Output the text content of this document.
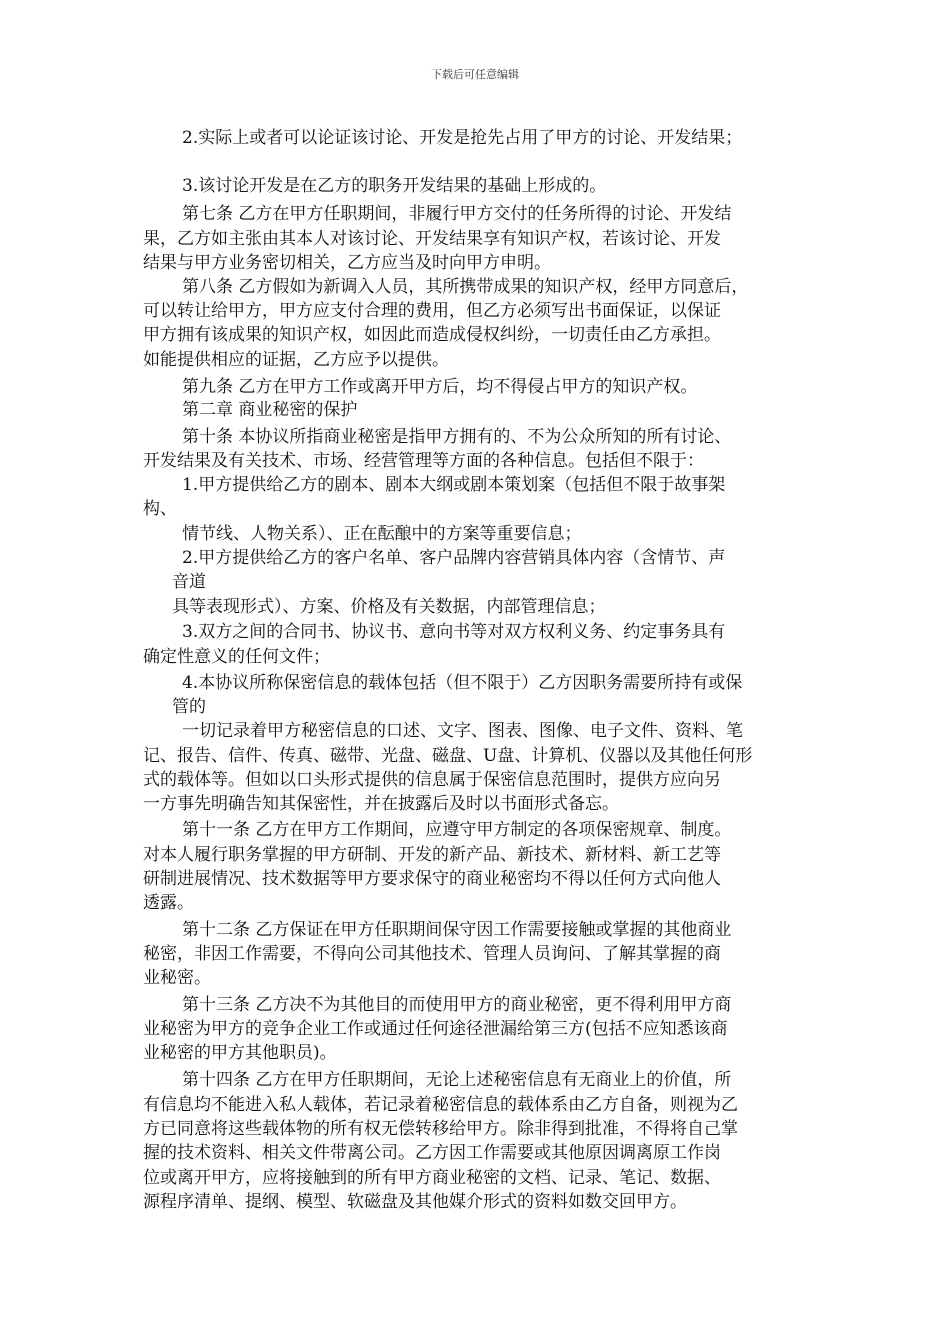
下载后可任意编辑
2.实际上或者可以论证该讨论、开发是抢先占用了甲方的讨论、开发结果；
3.该讨论开发是在乙方的职务开发结果的基础上形成的。
第七条 乙方在甲方任职期间，非履行甲方交付的任务所得的讨论、开发结
果，乙方如主张由其本人对该讨论、开发结果享有知识产权，若该讨论、开发
结果与甲方业务密切相关，乙方应当及时向甲方申明。
第八条 乙方假如为新调入人员，其所携带成果的知识产权，经甲方同意后，
可以转让给甲方，甲方应支付合理的费用，但乙方必须写出书面保证，以保证
甲方拥有该成果的知识产权，如因此而造成侵权纠纷，一切责任由乙方承担。
如能提供相应的证据，乙方应予以提供。
第九条 乙方在甲方工作或离开甲方后，均不得侵占甲方的知识产权。
第二章 商业秘密的保护
第十条 本协议所指商业秘密是指甲方拥有的、不为公众所知的所有讨论、
开发结果及有关技术、市场、经营管理等方面的各种信息。包括但不限于：
1.甲方提供给乙方的剧本、剧本大纲或剧本策划案（包括但不限于故事架
构、
情节线、人物关系）、正在酝酿中的方案等重要信息；
2.甲方提供给乙方的客户名单、客户品牌内容营销具体内容（含情节、声
音道
具等表现形式）、方案、价格及有关数据，内部管理信息；
3.双方之间的合同书、协议书、意向书等对双方权利义务、约定事务具有
确定性意义的任何文件；
4.本协议所称保密信息的载体包括（但不限于）乙方因职务需要所持有或保
管的
一切记录着甲方秘密信息的口述、文字、图表、图像、电子文件、资料、笔
记、报告、信件、传真、磁带、光盘、磁盘、U盘、计算机、仪器以及其他任何形
式的载体等。但如以口头形式提供的信息属于保密信息范围时，提供方应向另
一方事先明确告知其保密性，并在披露后及时以书面形式备忘。
第十一条 乙方在甲方工作期间，应遵守甲方制定的各项保密规章、制度。
对本人履行职务掌握的甲方研制、开发的新产品、新技术、新材料、新工艺等
研制进展情况、技术数据等甲方要求保守的商业秘密均不得以任何方式向他人
透露。
第十二条 乙方保证在甲方任职期间保守因工作需要接触或掌握的其他商业
秘密，非因工作需要，不得向公司其他技术、管理人员询问、了解其掌握的商
业秘密。
第十三条 乙方决不为其他目的而使用甲方的商业秘密，更不得利用甲方商
业秘密为甲方的竞争企业工作或通过任何途径泄漏给第三方(包括不应知悉该商
业秘密的甲方其他职员)。
第十四条 乙方在甲方任职期间，无论上述秘密信息有无商业上的价值，所
有信息均不能进入私人载体，若记录着秘密信息的载体系由乙方自备，则视为乙
方已同意将这些载体物的所有权无偿转移给甲方。除非得到批准，不得将自己掌
握的技术资料、相关文件带离公司。乙方因工作需要或其他原因调离原工作岗
位或离开甲方，应将接触到的所有甲方商业秘密的文档、记录、笔记、数据、
源程序清单、提纲、模型、软磁盘及其他媒介形式的资料如数交回甲方。
